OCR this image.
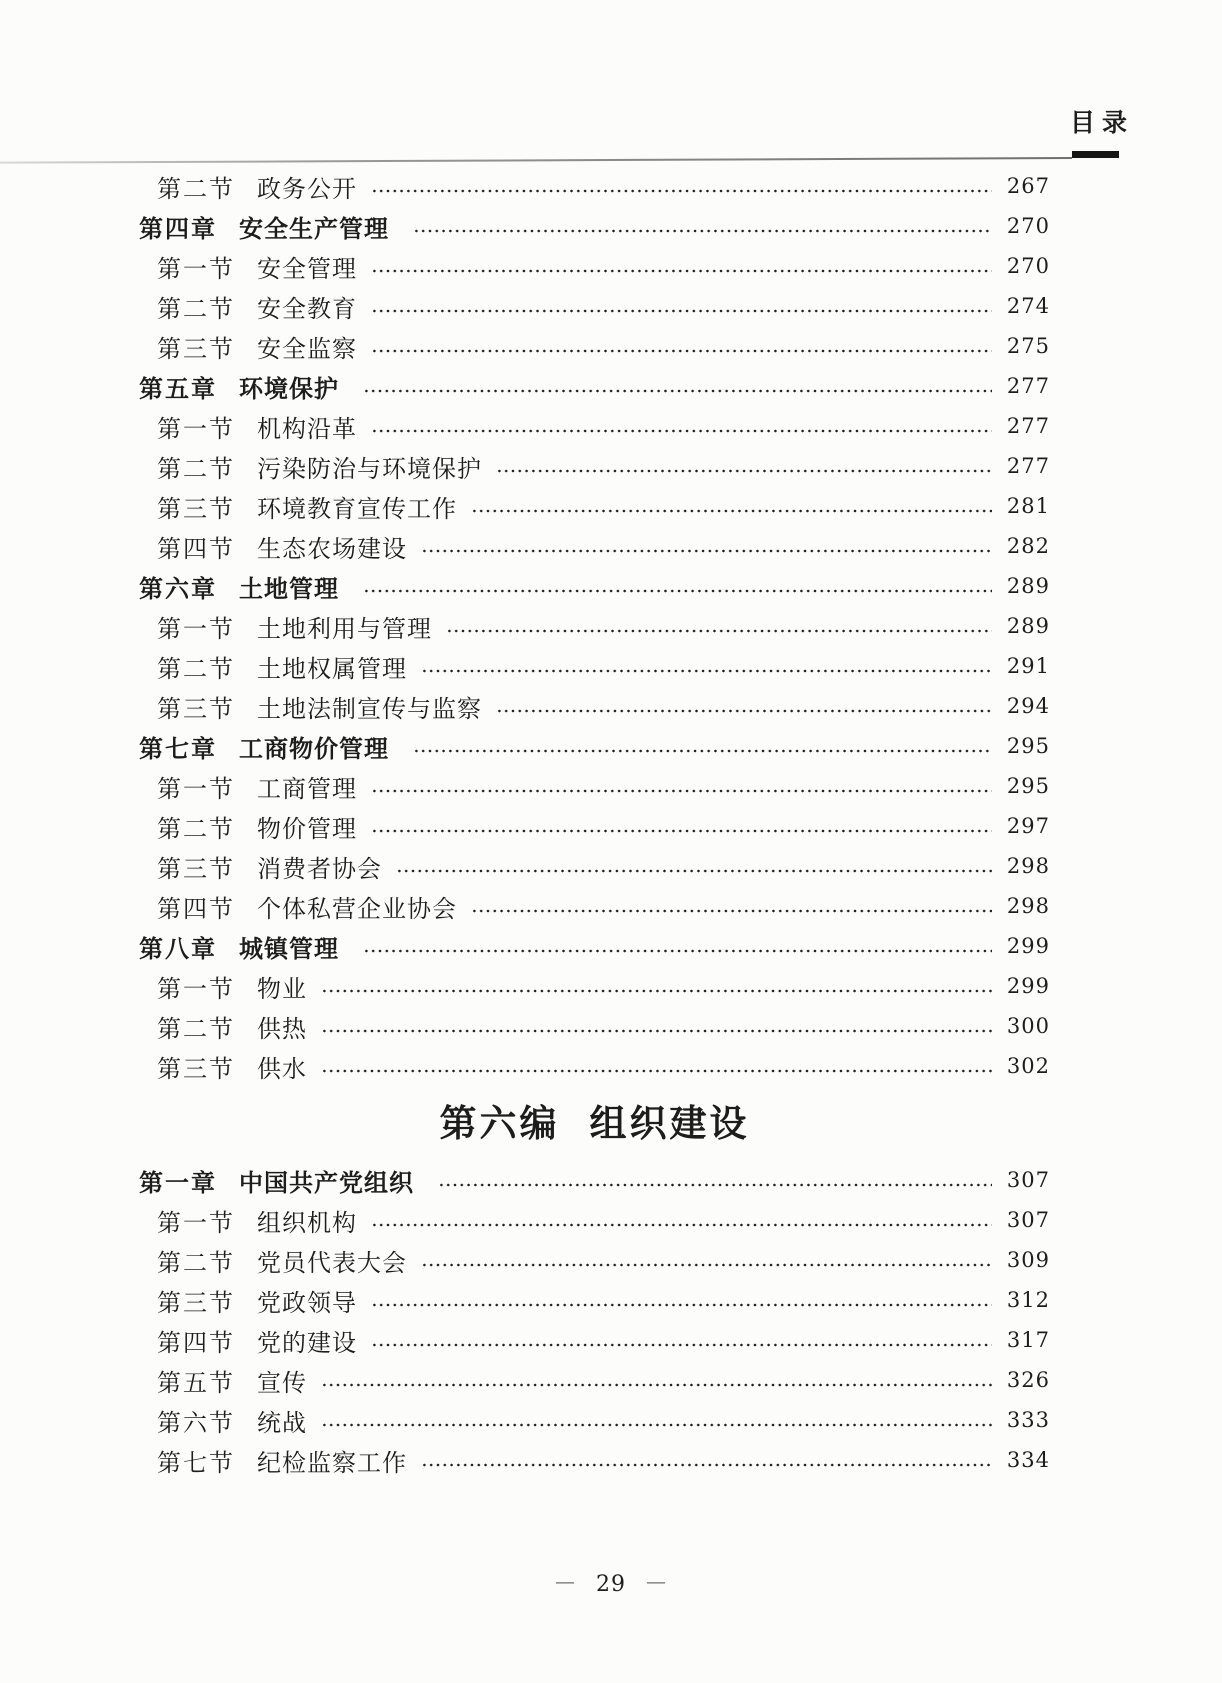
目录
第二节 政务公开	267
第四章 安全生产管理	270
第一节 安全管理	270
第二节 安全教育	274
第三节 安全监察	275
第五章 环境保护	277
第一节 机构沿革	277
第二节 污染防治与环境保护	277
第三节 环境教育宣传工作	281
第四节 生态农场建设	282
第六章 土地管理	289
第一节 土地利用与管理	289
第二节 土地权属管理	291
第三节 土地法制宣传与监察	294
第七章 工商物价管理	295
第一节 工商管理	295
第二节 物价管理	297
第三节 消费者协会	298
第四节 个体私营企业协会	298
第八章 城镇管理	299
第一节 物业	299
第二节 供热	300
第三节 供水	302
第六编 组织建设
第一章 中国共产党组织	307
第一节 组织机构	307
第二节 党员代表大会	309
第三节 党政领导	312
第四节 党的建设	317
第五节 宣传	326
第六节 统战	333
第七节 纪检监察工作	334
— 29 —
